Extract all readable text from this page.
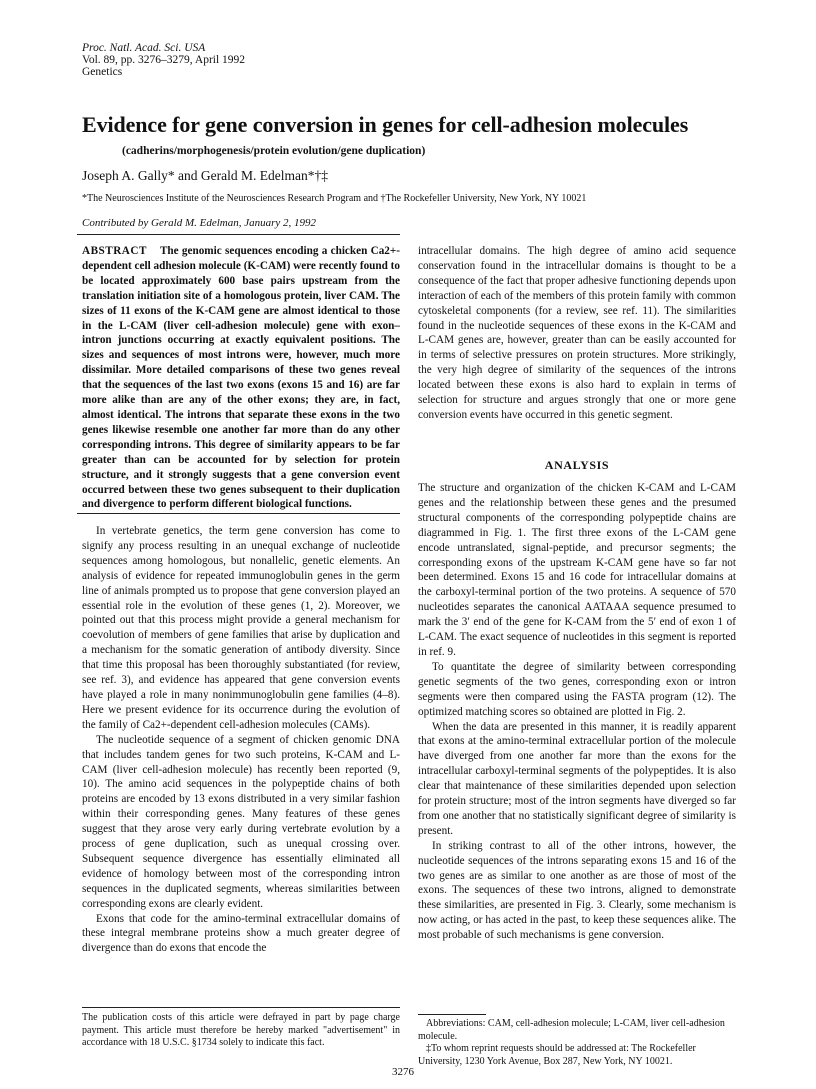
Proc. Natl. Acad. Sci. USA
Vol. 89, pp. 3276–3279, April 1992
Genetics
Evidence for gene conversion in genes for cell-adhesion molecules
(cadherins/morphogenesis/protein evolution/gene duplication)
Joseph A. Gally* and Gerald M. Edelman*†‡
*The Neurosciences Institute of the Neurosciences Research Program and †The Rockefeller University, New York, NY 10021
Contributed by Gerald M. Edelman, January 2, 1992
ABSTRACT The genomic sequences encoding a chicken Ca2+-dependent cell adhesion molecule (K-CAM) were recently found to be located approximately 600 base pairs upstream from the translation initiation site of a homologous protein, liver CAM. The sizes of 11 exons of the K-CAM gene are almost identical to those in the L-CAM (liver cell-adhesion molecule) gene with exon–intron junctions occurring at exactly equivalent positions. The sizes and sequences of most introns were, however, much more dissimilar. More detailed comparisons of these two genes reveal that the sequences of the last two exons (exons 15 and 16) are far more alike than are any of the other exons; they are, in fact, almost identical. The introns that separate these exons in the two genes likewise resemble one another far more than do any other corresponding introns. This degree of similarity appears to be far greater than can be accounted for by selection for protein structure, and it strongly suggests that a gene conversion event occurred between these two genes subsequent to their duplication and divergence to perform different biological functions.

In vertebrate genetics, the term gene conversion has come to signify any process resulting in an unequal exchange of nucleotide sequences among homologous, but nonallelic, genetic elements. An analysis of evidence for repeated immunoglobulin genes in the germ line of animals prompted us to propose that gene conversion played an essential role in the evolution of these genes (1, 2). Moreover, we pointed out that this process might provide a general mechanism for coevolution of members of gene families that arise by duplication and a mechanism for the somatic generation of antibody diversity. Since that time this proposal has been thoroughly substantiated (for review, see ref. 3), and evidence has appeared that gene conversion events have played a role in many nonimmunoglobulin gene families (4–8). Here we present evidence for its occurrence during the evolution of the family of Ca2+-dependent cell-adhesion molecules (CAMs).

The nucleotide sequence of a segment of chicken genomic DNA that includes tandem genes for two such proteins, K-CAM and L-CAM (liver cell-adhesion molecule) has recently been reported (9, 10). The amino acid sequences in the polypeptide chains of both proteins are encoded by 13 exons distributed in a very similar fashion within their corresponding genes. Many features of these genes suggest that they arose very early during vertebrate evolution by a process of gene duplication, such as unequal crossing over. Subsequent sequence divergence has essentially eliminated all evidence of homology between most of the corresponding intron sequences in the duplicated segments, whereas similarities between corresponding exons are clearly evident.

Exons that code for the amino-terminal extracellular domains of these integral membrane proteins show a much greater degree of divergence than do exons that encode the

intracellular domains. The high degree of amino acid sequence conservation found in the intracellular domains is thought to be a consequence of the fact that proper adhesive functioning depends upon interaction of each of the members of this protein family with common cytoskeletal components (for a review, see ref. 11). The similarities found in the nucleotide sequences of these exons in the K-CAM and L-CAM genes are, however, greater than can be easily accounted for in terms of selective pressures on protein structures. More strikingly, the very high degree of similarity of the sequences of the introns located between these exons is also hard to explain in terms of selection for structure and argues strongly that one or more gene conversion events have occurred in this genetic segment.

ANALYSIS

The structure and organization of the chicken K-CAM and L-CAM genes and the relationship between these genes and the presumed structural components of the corresponding polypeptide chains are diagrammed in Fig. 1. The first three exons of the L-CAM gene encode untranslated, signal-peptide, and precursor segments; the corresponding exons of the upstream K-CAM gene have so far not been determined. Exons 15 and 16 code for intracellular domains at the carboxyl-terminal portion of the two proteins. A sequence of 570 nucleotides separates the canonical AATAAA sequence presumed to mark the 3′ end of the gene for K-CAM from the 5′ end of exon 1 of L-CAM. The exact sequence of nucleotides in this segment is reported in ref. 9.

To quantitate the degree of similarity between corresponding genetic segments of the two genes, corresponding exon or intron segments were then compared using the FASTA program (12). The optimized matching scores so obtained are plotted in Fig. 2.

When the data are presented in this manner, it is readily apparent that exons at the amino-terminal extracellular portion of the molecule have diverged from one another far more than the exons for the intracellular carboxyl-terminal segments of the polypeptides. It is also clear that maintenance of these similarities depended upon selection for protein structure; most of the intron segments have diverged so far from one another that no statistically significant degree of similarity is present.

In striking contrast to all of the other introns, however, the nucleotide sequences of the introns separating exons 15 and 16 of the two genes are as similar to one another as are those of most of the exons. The sequences of these two introns, aligned to demonstrate these similarities, are presented in Fig. 3. Clearly, some mechanism is now acting, or has acted in the past, to keep these sequences alike. The most probable of such mechanisms is gene conversion.

Abbreviations: CAM, cell-adhesion molecule; L-CAM, liver cell-adhesion molecule.

‡To whom reprint requests should be addressed at: The Rockefeller University, 1230 York Avenue, Box 287, New York, NY 10021.

The publication costs of this article were defrayed in part by page charge payment. This article must therefore be hereby marked "advertisement" in accordance with 18 U.S.C. §1734 solely to indicate this fact.
3276
